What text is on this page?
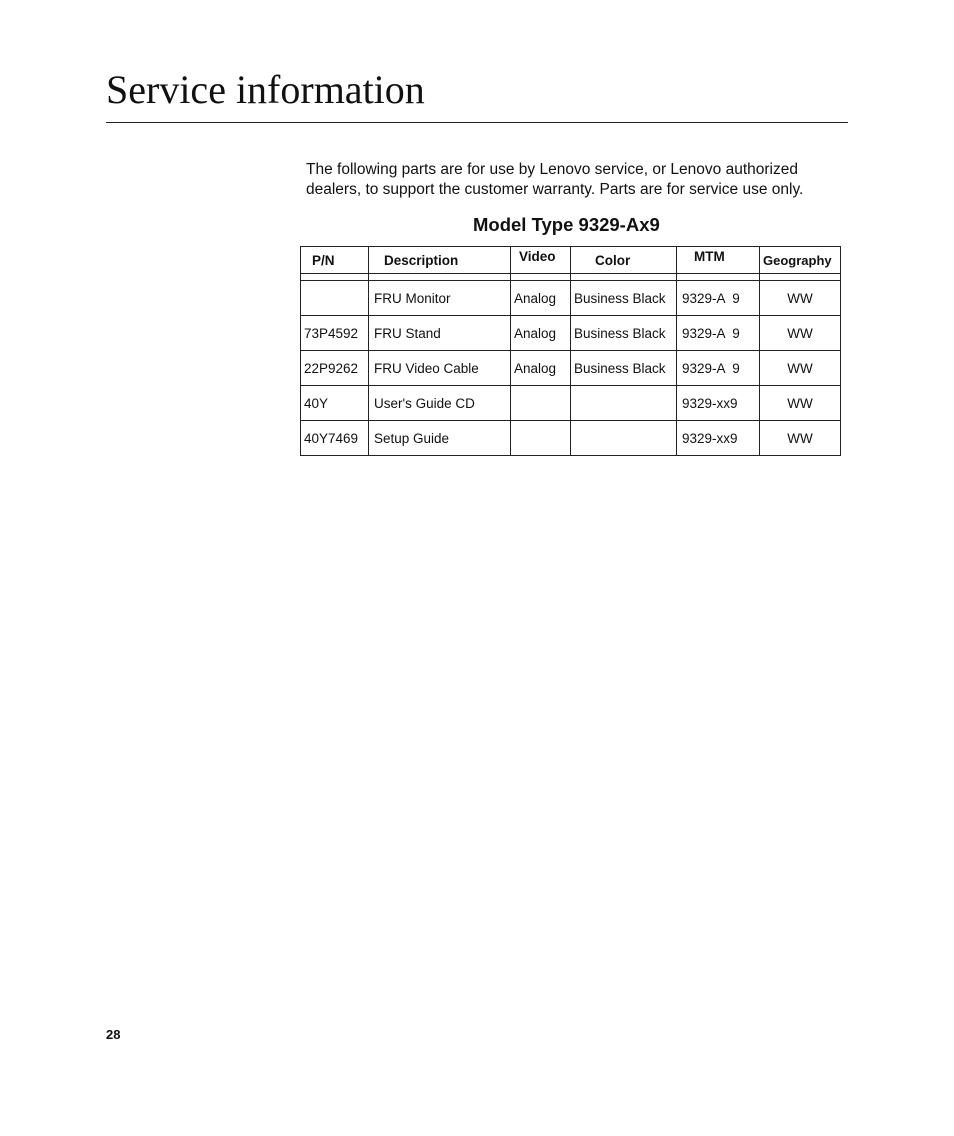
Service information
The following parts are for use by Lenovo service, or Lenovo authorized
dealers, to support the customer warranty. Parts are for service use only.
Model Type 9329-Ax9
P/N	Description	Video	Color	MTM	Geography

	FRU Monitor	Analog	Business Black	9329-A  9	WW
73P4592	FRU Stand	Analog	Business Black	9329-A  9	WW
22P9262	FRU Video Cable	Analog	Business Black	9329-A  9	WW
40Y	User's Guide CD			9329-xx9	WW
40Y7469	Setup Guide			9329-xx9	WW
28
